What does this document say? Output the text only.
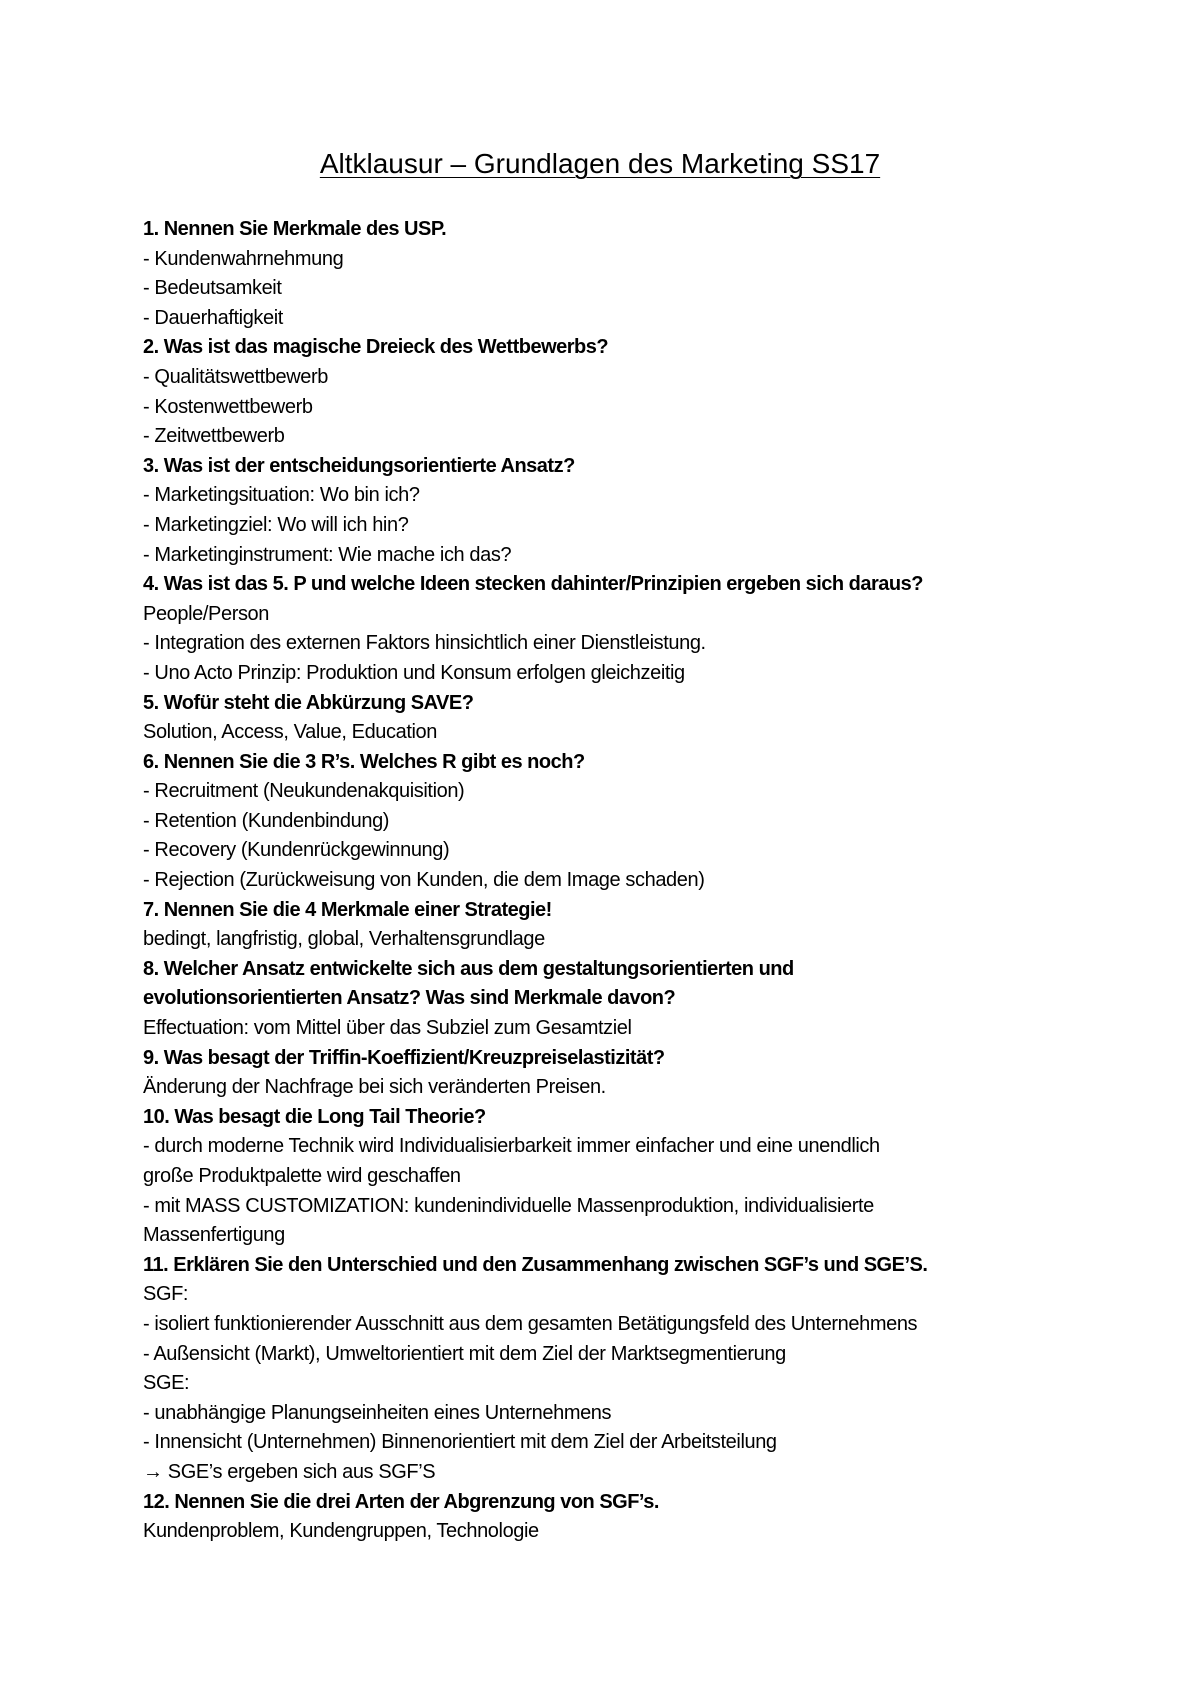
Altklausur – Grundlagen des Marketing SS17
1. Nennen Sie Merkmale des USP.
- Kundenwahrnehmung
- Bedeutsamkeit
- Dauerhaftigkeit
2. Was ist das magische Dreieck des Wettbewerbs?
- Qualitätswettbewerb
- Kostenwettbewerb
- Zeitwettbewerb
3. Was ist der entscheidungsorientierte Ansatz?
- Marketingsituation: Wo bin ich?
- Marketingziel: Wo will ich hin?
- Marketinginstrument: Wie mache ich das?
4. Was ist das 5. P und welche Ideen stecken dahinter/Prinzipien ergeben sich daraus?
People/Person
- Integration des externen Faktors hinsichtlich einer Dienstleistung.
- Uno Acto Prinzip: Produktion und Konsum erfolgen gleichzeitig
5. Wofür steht die Abkürzung SAVE?
Solution, Access, Value, Education
6. Nennen Sie die 3 R’s. Welches R gibt es noch?
- Recruitment (Neukundenakquisition)
- Retention (Kundenbindung)
- Recovery (Kundenrückgewinnung)
- Rejection (Zurückweisung von Kunden, die dem Image schaden)
7. Nennen Sie die 4 Merkmale einer Strategie!
bedingt, langfristig, global, Verhaltensgrundlage
8. Welcher Ansatz entwickelte sich aus dem gestaltungsorientierten und
evolutionsorientierten Ansatz? Was sind Merkmale davon?
Effectuation: vom Mittel über das Subziel zum Gesamtziel
9. Was besagt der Triffin-Koeffizient/Kreuzpreiselastizität?
Änderung der Nachfrage bei sich veränderten Preisen.
10. Was besagt die Long Tail Theorie?
- durch moderne Technik wird Individualisierbarkeit immer einfacher und eine unendlich
große Produktpalette wird geschaffen
- mit MASS CUSTOMIZATION: kundenindividuelle Massenproduktion, individualisierte
Massenfertigung
11. Erklären Sie den Unterschied und den Zusammenhang zwischen SGF’s und SGE’S.
SGF:
- isoliert funktionierender Ausschnitt aus dem gesamten Betätigungsfeld des Unternehmens
- Außensicht (Markt), Umweltorientiert mit dem Ziel der Marktsegmentierung
SGE:
- unabhängige Planungseinheiten eines Unternehmens
- Innensicht (Unternehmen) Binnenorientiert mit dem Ziel der Arbeitsteilung
→ SGE’s ergeben sich aus SGF’S
12. Nennen Sie die drei Arten der Abgrenzung von SGF’s.
Kundenproblem, Kundengruppen, Technologie
